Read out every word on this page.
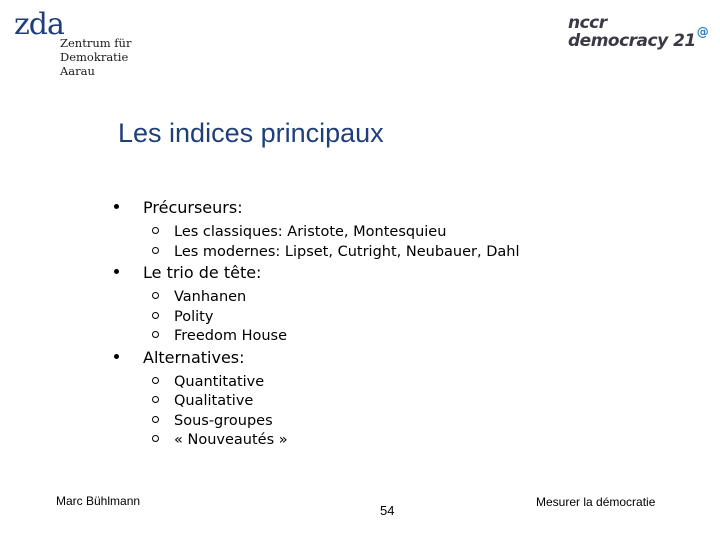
zda
Zentrum für
Demokratie
Aarau
nccr
democracy 21@
Les indices principaux
Précurseurs:
Les classiques: Aristote, Montesquieu
Les modernes: Lipset, Cutright, Neubauer, Dahl
Le trio de tête:
Vanhanen
Polity
Freedom House
Alternatives:
Quantitative
Qualitative
Sous-groupes
« Nouveautés »
Marc Bühlmann
54
Mesurer la démocratie
